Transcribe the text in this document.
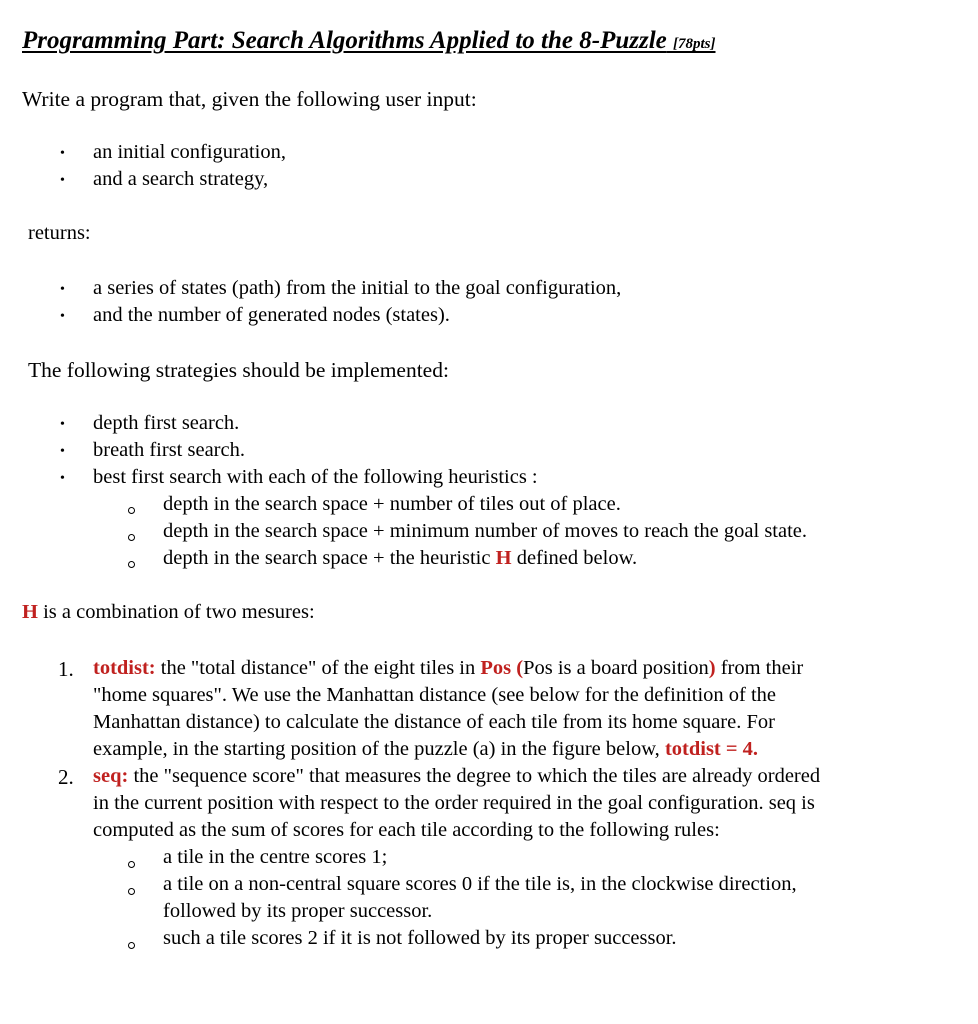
Programming Part: Search Algorithms Applied to the 8-Puzzle [78pts]
Write a program that, given the following user input:
• an initial configuration,
• and a search strategy,
returns:
• a series of states (path) from the initial to the goal configuration,
• and the number of generated nodes (states).
The following strategies should be implemented:
• depth first search.
• breath first search.
• best first search with each of the following heuristics :
depth in the search space + number of tiles out of place.
depth in the search space + minimum number of moves to reach the goal state.
depth in the search space + the heuristic H defined below.
H is a combination of two mesures:
1. totdist: the "total distance" of the eight tiles in Pos (Pos is a board position) from their
"home squares". We use the Manhattan distance (see below for the definition of the
Manhattan distance) to calculate the distance of each tile from its home square. For
example, in the starting position of the puzzle (a) in the figure below, totdist = 4.
2. seq: the "sequence score" that measures the degree to which the tiles are already ordered
in the current position with respect to the order required in the goal configuration. seq is
computed as the sum of scores for each tile according to the following rules:
a tile in the centre scores 1;
a tile on a non-central square scores 0 if the tile is, in the clockwise direction,
followed by its proper successor.
such a tile scores 2 if it is not followed by its proper successor.
